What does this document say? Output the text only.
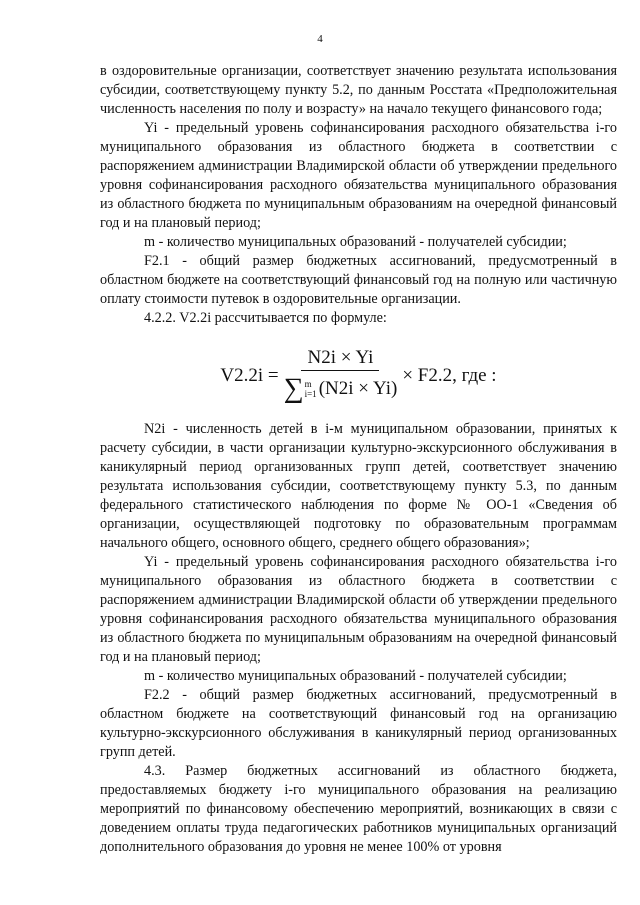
4

в оздоровительные организации, соответствует значению результата использования субсидии, соответствующему пункту 5.2, по данным Росстата «Предположительная численность населения по полу и возрасту» на начало текущего финансового года;

Yi - предельный уровень софинансирования расходного обязательства i-го муниципального образования из областного бюджета в соответствии с распоряжением администрации Владимирской области об утверждении предельного уровня софинансирования расходного обязательства муниципального образования из областного бюджета по муниципальным образованиям на очередной финансовый год и на плановый период;

m - количество муниципальных образований - получателей субсидии;

F2.1 - общий размер бюджетных ассигнований, предусмотренный в областном бюджете на соответствующий финансовый год на полную или частичную оплату стоимости путевок в оздоровительные организации.

4.2.2. V2.2i рассчитывается по формуле:

V2.2i =
N2i × Yi
∑ m
i=1 (N2i × Yi)
× F2.2, где :

N2i - численность детей в i-м муниципальном образовании, принятых к расчету субсидии, в части организации культурно-экскурсионного обслуживания в каникулярный период организованных групп детей, соответствует значению результата использования субсидии, соответствующему пункту 5.3, по данным федерального статистического наблюдения по форме № ОО-1 «Сведения об организации, осуществляющей подготовку по образовательным программам начального общего, основного общего, среднего общего образования»;

Yi - предельный уровень софинансирования расходного обязательства i-го муниципального образования из областного бюджета в соответствии с распоряжением администрации Владимирской области об утверждении предельного уровня софинансирования расходного обязательства муниципального образования из областного бюджета по муниципальным образованиям на очередной финансовый год и на плановый период;

m - количество муниципальных образований - получателей субсидии;

F2.2 - общий размер бюджетных ассигнований, предусмотренный в областном бюджете на соответствующий финансовый год на организацию культурно-экскурсионного обслуживания в каникулярный период организованных групп детей.

4.3. Размер бюджетных ассигнований из областного бюджета, предоставляемых бюджету i-го муниципального образования на реализацию мероприятий по финансовому обеспечению мероприятий, возникающих в связи с доведением оплаты труда педагогических работников муниципальных организаций дополнительного образования до уровня не менее 100% от уровня
